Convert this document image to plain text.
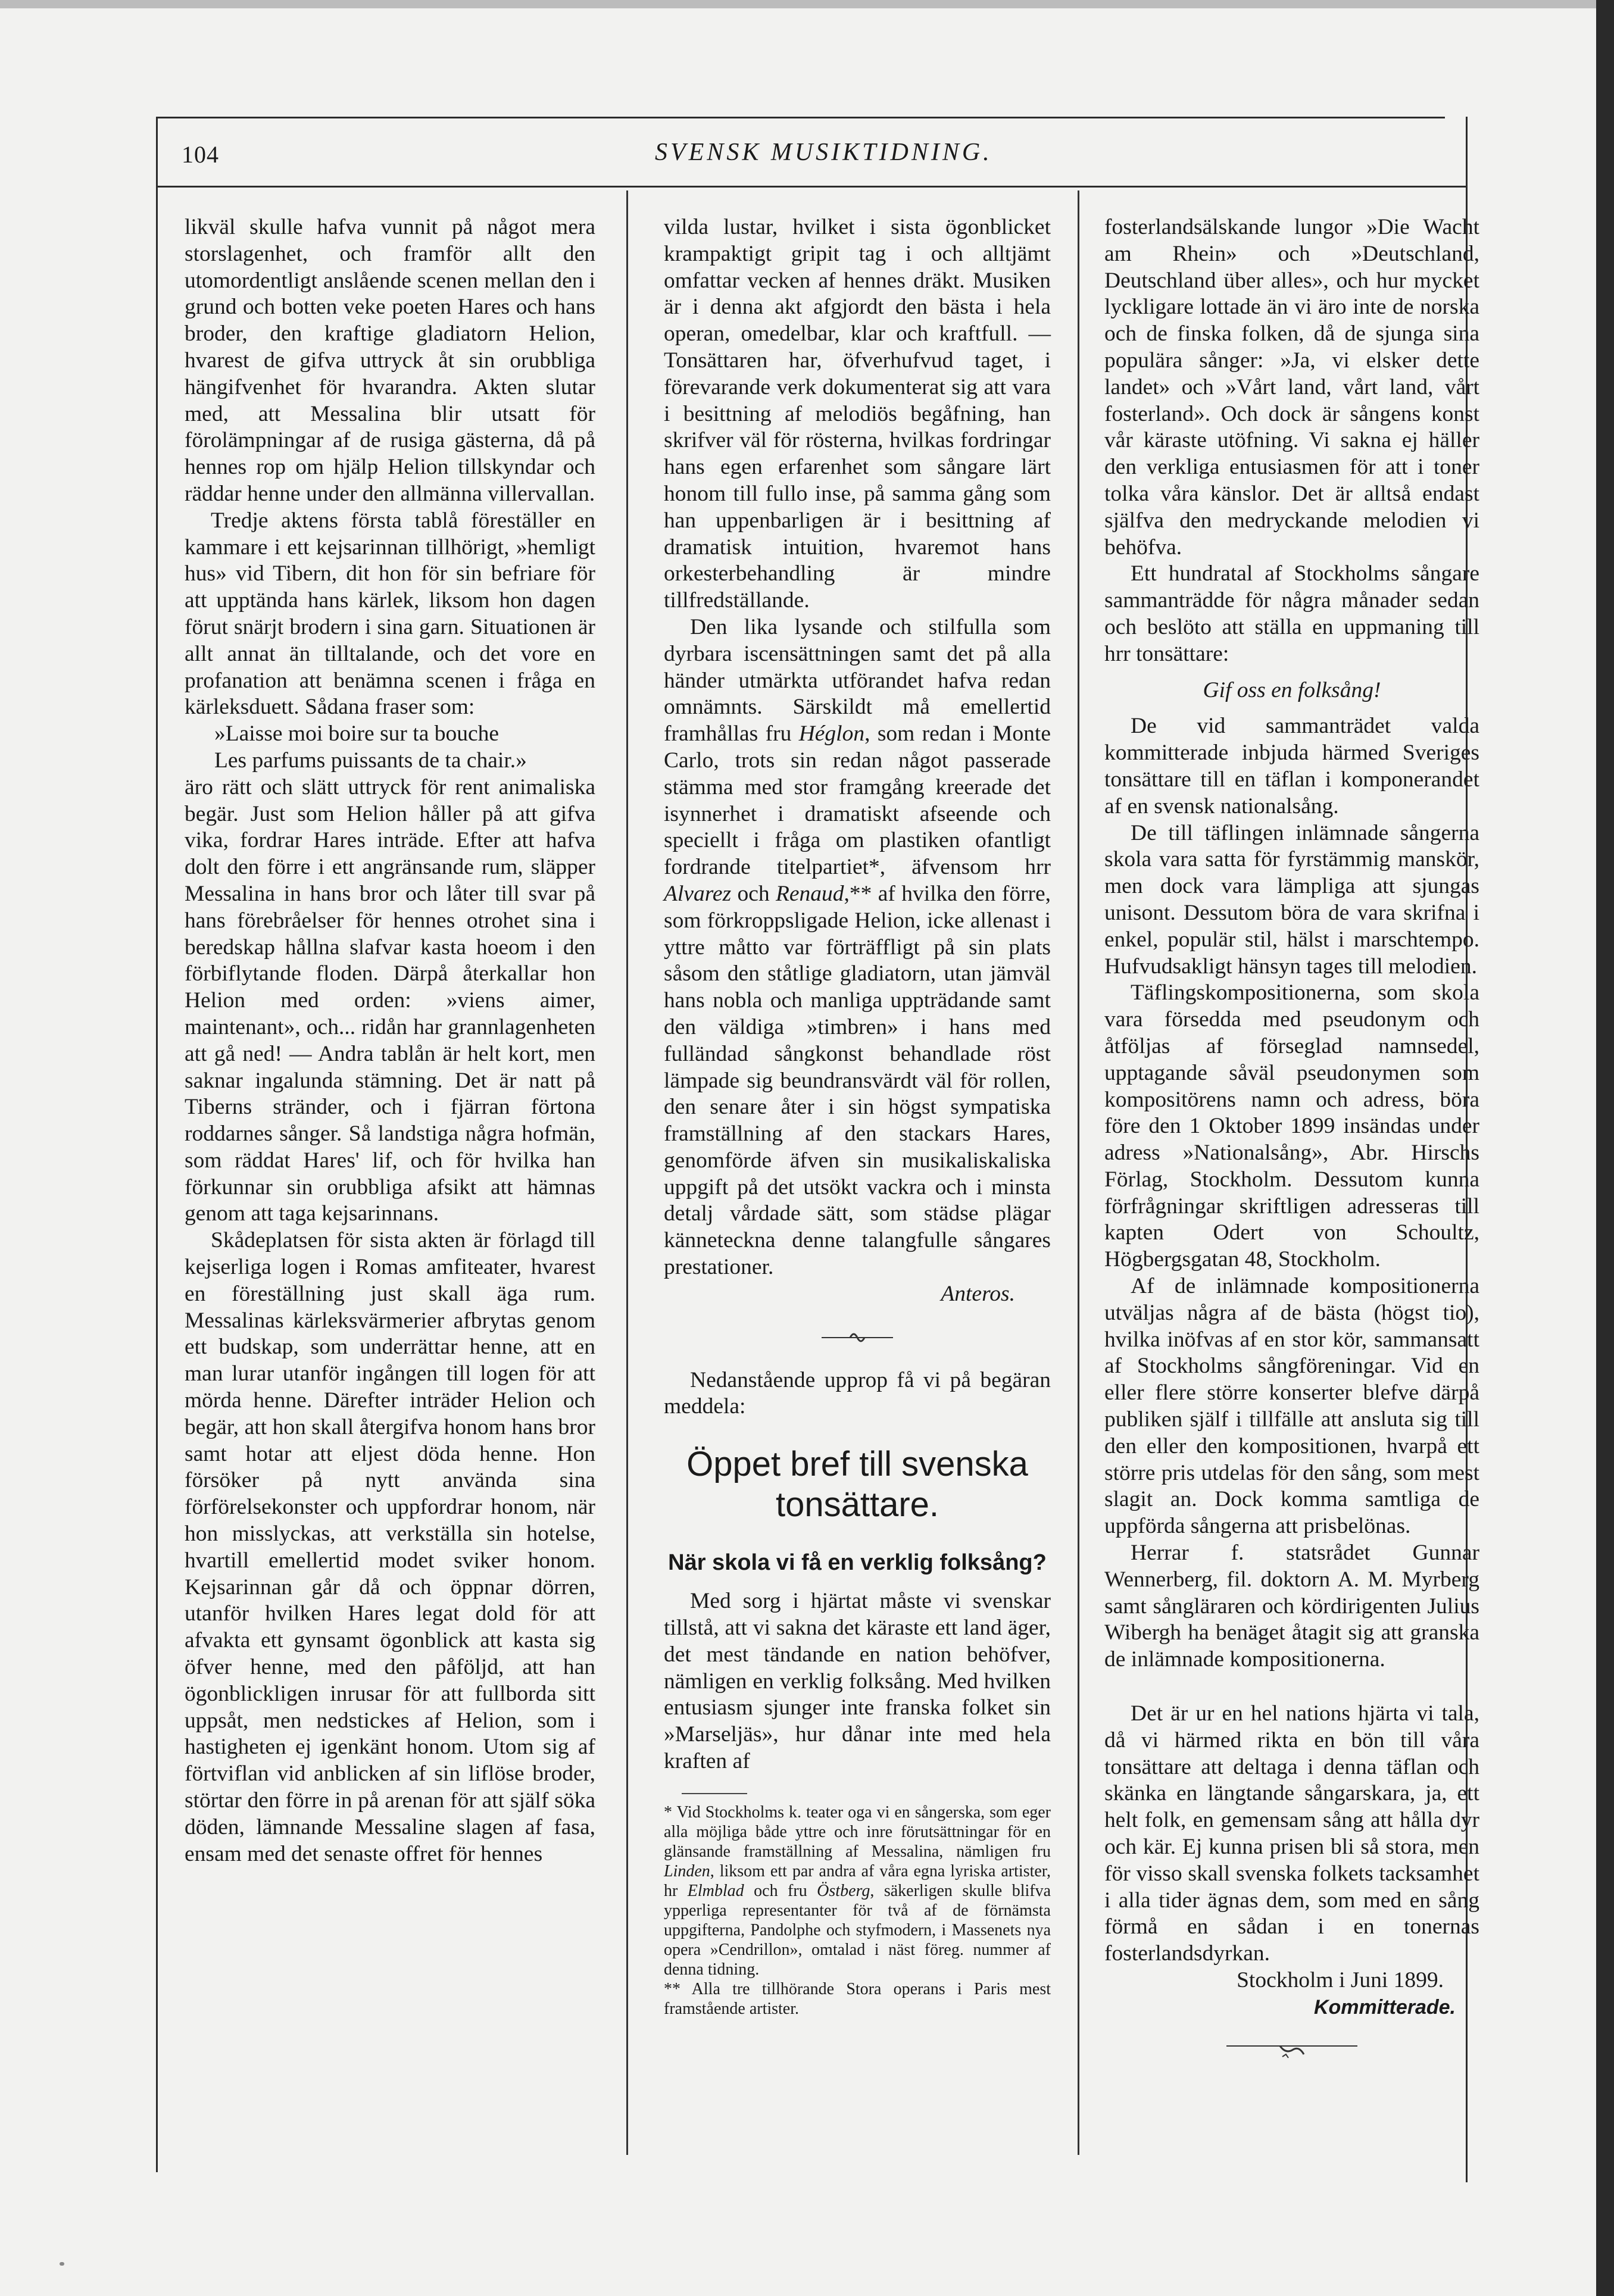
104	SVENSK MUSIKTIDNING.

likväl skulle hafva vunnit på något mera storslagenhet, och framför allt den utomordentligt anslående scenen mellan den i grund och botten veke poeten Hares och hans broder, den kraftige gladiatorn Helion, hvarest de gifva uttryck åt sin orubbliga hängifvenhet för hvarandra. Akten slutar med, att Messalina blir utsatt för förolämpningar af de rusiga gästerna, då på hennes rop om hjälp Helion tillskyndar och räddar henne under den allmänna villervallan.

Tredje aktens första tablå föreställer en kammare i ett kejsarinnan tillhörigt, »hemligt hus» vid Tibern, dit hon för sin befriare för att upptända hans kärlek, liksom hon dagen förut snärjt brodern i sina garn. Situationen är allt annat än tilltalande, och det vore en profanation att benämna scenen i fråga en kärleksduett. Sådana fraser som:

»Laisse moi boire sur ta bouche

Les parfums puissants de ta chair.»

äro rätt och slätt uttryck för rent animaliska begär. Just som Helion håller på att gifva vika, fordrar Hares inträde. Efter att hafva dolt den förre i ett angränsande rum, släpper Messalina in hans bror och låter till svar på hans förebråelser för hennes otrohet sina i beredskap hållna slafvar kasta hoeom i den förbiflytande floden. Därpå återkallar hon Helion med orden: »viens aimer, maintenant», och... ridån har grannlagenheten att gå ned! — Andra tablån är helt kort, men saknar ingalunda stämning. Det är natt på Tiberns stränder, och i fjärran förtona roddarnes sånger. Så landstiga några hofmän, som räddat Hares' lif, och för hvilka han förkunnar sin orubbliga afsikt att hämnas genom att taga kejsarinnans.

Skådeplatsen för sista akten är förlagd till kejserliga logen i Romas amfiteater, hvarest en föreställning just skall äga rum. Messalinas kärleksvärmerier afbrytas genom ett budskap, som underrättar henne, att en man lurar utanför ingången till logen för att mörda henne. Därefter inträder Helion och begär, att hon skall återgifva honom hans bror samt hotar att eljest döda henne. Hon försöker på nytt använda sina förförelsekonster och uppfordrar honom, när hon misslyckas, att verkställa sin hotelse, hvartill emellertid modet sviker honom. Kejsarinnan går då och öppnar dörren, utanför hvilken Hares legat dold för att afvakta ett gynsamt ögonblick att kasta sig öfver henne, med den påföljd, att han ögonblickligen inrusar för att fullborda sitt uppsåt, men nedstickes af Helion, som i hastigheten ej igenkänt honom. Utom sig af förtviflan vid anblicken af sin liflöse broder, störtar den förre in på arenan för att själf söka döden, lämnande Messaline slagen af fasa, ensam med det senaste offret för hennes

vilda lustar, hvilket i sista ögonblicket krampaktigt gripit tag i och alltjämt omfattar vecken af hennes dräkt. Musiken är i denna akt afgjordt den bästa i hela operan, omedelbar, klar och kraftfull. — Tonsättaren har, öfverhufvud taget, i förevarande verk dokumenterat sig att vara i besittning af melodiös begåfning, han skrifver väl för rösterna, hvilkas fordringar hans egen erfarenhet som sångare lärt honom till fullo inse, på samma gång som han uppenbarligen är i besittning af dramatisk intuition, hvaremot hans orkesterbehandling är mindre tillfredställande.

Den lika lysande och stilfulla som dyrbara iscensättningen samt det på alla händer utmärkta utförandet hafva redan omnämnts. Särskildt må emellertid framhållas fru Héglon, som redan i Monte Carlo, trots sin redan något passerade stämma med stor framgång kreerade det isynnerhet i dramatiskt afseende och speciellt i fråga om plastiken ofantligt fordrande titelpartiet*, äfvensom hrr Alvarez och Renaud,** af hvilka den förre, som förkroppsligade Helion, icke allenast i yttre måtto var förträffligt på sin plats såsom den ståtlige gladiatorn, utan jämväl hans nobla och manliga uppträdande samt den väldiga »timbren» i hans med fulländad sångkonst behandlade röst lämpade sig beundransvärdt väl för rollen, den senare åter i sin högst sympatiska framställning af den stackars Hares, genomförde äfven sin musikaliskaliska uppgift på det utsökt vackra och i minsta detalj vårdade sätt, som städse plägar känneteckna denne talangfulle sångares prestationer.

Anteros.

Nedanstående upprop få vi på begäran meddela:

Öppet bref till svenska tonsättare.
När skola vi få en verklig folksång?

Med sorg i hjärtat måste vi svenskar tillstå, att vi sakna det käraste ett land äger, det mest tändande en nation behöfver, nämligen en verklig folksång. Med hvilken entusiasm sjunger inte franska folket sin »Marseljäs», hur dånar inte med hela kraften af

* Vid Stockholms k. teater oga vi en sångerska, som eger alla möjliga både yttre och inre förutsättningar för en glänsande framställning af Messalina, nämligen fru Linden, liksom ett par andra af våra egna lyriska artister, hr Elmblad och fru Östberg, säkerligen skulle blifva ypperliga representanter för två af de förnämsta uppgifterna, Pandolphe och styfmodern, i Massenets nya opera »Cendrillon», omtalad i näst föreg. nummer af denna tidning.

** Alla tre tillhörande Stora operans i Paris mest framstående artister.

fosterlandsälskande lungor »Die Wacht am Rhein» och »Deutschland, Deutschland über alles», och hur mycket lyckligare lottade än vi äro inte de norska och de finska folken, då de sjunga sina populära sånger: »Ja, vi elsker dette landet» och »Vårt land, vårt land, vårt fosterland». Och dock är sångens konst vår käraste utöfning. Vi sakna ej häller den verkliga entusiasmen för att i toner tolka våra känslor. Det är alltså endast själfva den medryckande melodien vi behöfva.

Ett hundratal af Stockholms sångare sammanträdde för några månader sedan och beslöto att ställa en uppmaning till hrr tonsättare:

Gif oss en folksång!

De vid sammanträdet valda kommitterade inbjuda härmed Sveriges tonsättare till en täflan i komponerandet af en svensk nationalsång.

De till täflingen inlämnade sångerna skola vara satta för fyrstämmig manskör, men dock vara lämpliga att sjungas unisont. Dessutom böra de vara skrifna i enkel, populär stil, hälst i marschtempo. Hufvudsakligt hänsyn tages till melodien.

Täflingskompositionerna, som skola vara försedda med pseudonym och åtföljas af förseglad namnsedel, upptagande såväl pseudonymen som kompositörens namn och adress, böra före den 1 Oktober 1899 insändas under adress »Nationalsång», Abr. Hirschs Förlag, Stockholm. Dessutom kunna förfrågningar skriftligen adresseras till kapten Odert von Schoultz, Högbergsgatan 48, Stockholm.

Af de inlämnade kompositionerna utväljas några af de bästa (högst tio), hvilka inöfvas af en stor kör, sammansatt af Stockholms sångföreningar. Vid en eller flere större konserter blefve därpå publiken själf i tillfälle att ansluta sig till den eller den kompositionen, hvarpå ett större pris utdelas för den sång, som mest slagit an. Dock komma samtliga de uppförda sångerna att prisbelönas.

Herrar f. statsrådet Gunnar Wennerberg, fil. doktorn A. M. Myrberg samt sångläraren och kördirigenten Julius Wibergh ha benäget åtagit sig att granska de inlämnade kompositionerna.

Det är ur en hel nations hjärta vi tala, då vi härmed rikta en bön till våra tonsättare att deltaga i denna täflan och skänka en längtande sångarskara, ja, ett helt folk, en gemensam sång att hålla dyr och kär. Ej kunna prisen bli så stora, men för visso skall svenska folkets tacksamhet i alla tider ägnas dem, som med en sång förmå en sådan i en tonernas fosterlandsdyrkan.

Stockholm i Juni 1899.

Kommitterade.
